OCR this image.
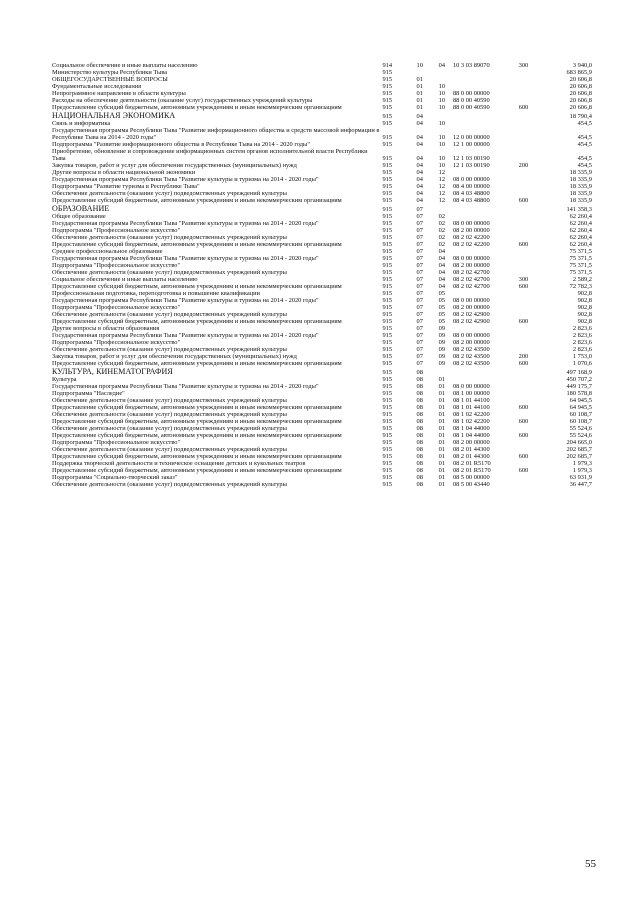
Социальное обеспечение и иные выплаты населению	914	10	04	10 3 03 89070	300	3 940,0
Министерство культуры Республики Тыва	915					683 865,9
ОБЩЕГОСУДАРСТВЕННЫЕ ВОПРОСЫ	915	01				20 606,8
Фундаментальные исследования	915	01	10			20 606,8
Непрограммное направление в области культуры	915	01	10	88 0 00 00000		20 606,8
Расходы на обеспечение деятельности (оказание услуг) государственных учреждений культуры	915	01	10	88 0 00 40590		20 606,8
Предоставление субсидий бюджетным, автономным учреждениям и иным некоммерческим организациям	915	01	10	88 0 00 40590	600	20 606,8
НАЦИОНАЛЬНАЯ ЭКОНОМИКА	915	04				18 790,4
Связь и информатика	915	04	10			454,5
Государственная программа Республики Тыва "Развитие информационного общества и средств массовой информации в Республике Тыва на 2014 - 2020 годы"	915	04	10	12 0 00 00000		454,5
Подпрограмма "Развитие информационного общества в Республике Тыва на 2014 - 2020 годы"	915	04	10	12 1 00 00000		454,5
Приобретение, обновление и сопровождение информационных систем органов исполнительной власти Республики Тыва	915	04	10	12 1 03 00190		454,5
Закупка товаров, работ и услуг для обеспечения государственных (муниципальных) нужд	915	04	10	12 1 03 00190	200	454,5
Другие вопросы в области национальной экономики	915	04	12			18 335,9
Государственная программа Республики Тыва "Развитие культуры и туризма на 2014 - 2020 годы"	915	04	12	08 0 00 00000		18 335,9
Подпрограмма "Развитие туризма в Республике Тыва"	915	04	12	08 4 00 00000		18 335,9
Обеспечение деятельности (оказание услуг) подведомственных учреждений культуры	915	04	12	08 4 03 48800		18 335,9
Предоставление субсидий бюджетным, автономным учреждениям и иным некоммерческим организациям	915	04	12	08 4 03 48800	600	18 335,9
ОБРАЗОВАНИЕ	915	07				141 358,3
Общее образование	915	07	02			62 260,4
Государственная программа Республики Тыва "Развитие культуры и туризма на 2014 - 2020 годы"	915	07	02	08 0 00 00000		62 260,4
Подпрограмма "Профессиональное искусство"	915	07	02	08 2 00 00000		62 260,4
Обеспечение деятельности (оказание услуг) подведомственных учреждений культуры	915	07	02	08 2 02 42200		62 260,4
Предоставление субсидий бюджетным, автономным учреждениям и иным некоммерческим организациям	915	07	02	08 2 02 42200	600	62 260,4
Среднее профессиональное образование	915	07	04			75 371,5
Государственная программа Республики Тыва "Развитие культуры и туризма на 2014 - 2020 годы"	915	07	04	08 0 00 00000		75 371,5
Подпрограмма "Профессиональное искусство"	915	07	04	08 2 00 00000		75 371,5
Обеспечение деятельности (оказание услуг) подведомственных учреждений культуры	915	07	04	08 2 02 42700		75 371,5
Социальное обеспечение и иные выплаты населению	915	07	04	08 2 02 42700	300	2 589,2
Предоставление субсидий бюджетным, автономным учреждениям и иным некоммерческим организациям	915	07	04	08 2 02 42700	600	72 782,3
Профессиональная подготовка, переподготовка и повышение квалификации	915	07	05			902,8
Государственная программа Республики Тыва "Развитие культуры и туризма на 2014 - 2020 годы"	915	07	05	08 0 00 00000		902,8
Подпрограмма "Профессиональное искусство"	915	07	05	08 2 00 00000		902,8
Обеспечение деятельности (оказание услуг) подведомственных учреждений культуры	915	07	05	08 2 02 42900		902,8
Предоставление субсидий бюджетным, автономным учреждениям и иным некоммерческим организациям	915	07	05	08 2 02 42900	600	902,8
Другие вопросы в области образования	915	07	09			2 823,6
Государственная программа Республики Тыва "Развитие культуры и туризма на 2014 - 2020 годы"	915	07	09	08 0 00 00000		2 823,6
Подпрограмма "Профессиональное искусство"	915	07	09	08 2 00 00000		2 823,6
Обеспечение деятельности (оказание услуг) подведомственных учреждений культуры	915	07	09	08 2 02 43500		2 823,6
Закупка товаров, работ и услуг для обеспечения государственных (муниципальных) нужд	915	07	09	08 2 02 43500	200	1 753,0
Предоставление субсидий бюджетным, автономным учреждениям и иным некоммерческим организациям	915	07	09	08 2 02 43500	600	1 070,6
КУЛЬТУРА, КИНЕМАТОГРАФИЯ	915	08				497 168,9
Культура	915	08	01			450 707,2
Государственная программа Республики Тыва "Развитие культуры и туризма на 2014 - 2020 годы"	915	08	01	08 0 00 00000		449 175,7
Подпрограмма "Наследие"	915	08	01	08 1 00 00000		180 578,8
Обеспечение деятельности (оказание услуг) подведомственных учреждений культуры	915	08	01	08 1 01 44100		64 945,5
Предоставление субсидий бюджетным, автономным учреждениям и иным некоммерческим организациям	915	08	01	08 1 01 44100	600	64 945,5
Обеспечение деятельности (оказание услуг) подведомственных учреждений культуры	915	08	01	08 1 02 42200		60 108,7
Предоставление субсидий бюджетным, автономным учреждениям и иным некоммерческим организациям	915	08	01	08 1 02 42200	600	60 108,7
Обеспечение деятельности (оказание услуг) подведомственных учреждений культуры	915	08	01	08 1 04 44000		55 524,6
Предоставление субсидий бюджетным, автономным учреждениям и иным некоммерческим организациям	915	08	01	08 1 04 44000	600	55 524,6
Подпрограмма "Профессиональное искусство"	915	08	01	08 2 00 00000		204 665,0
Обеспечение деятельности (оказание услуг) подведомственных учреждений культуры	915	08	01	08 2 01 44300		202 685,7
Предоставление субсидий бюджетным, автономным учреждениям и иным некоммерческим организациям	915	08	01	08 2 01 44300	600	202 685,7
Поддержка творческой деятельности и техническое оснащение детских и кукольных театров	915	08	01	08 2 01 R5170		1 979,3
Предоставление субсидий бюджетным, автономным учреждениям и иным некоммерческим организациям	915	08	01	08 2 01 R5170	600	1 979,3
Подпрограмма "Социально-творческий заказ"	915	08	01	08 5 00 00000		63 931,9
Обеспечение деятельности (оказание услуг) подведомственных учреждений культуры	915	08	01	08 5 00 43440		36 447,7
55
